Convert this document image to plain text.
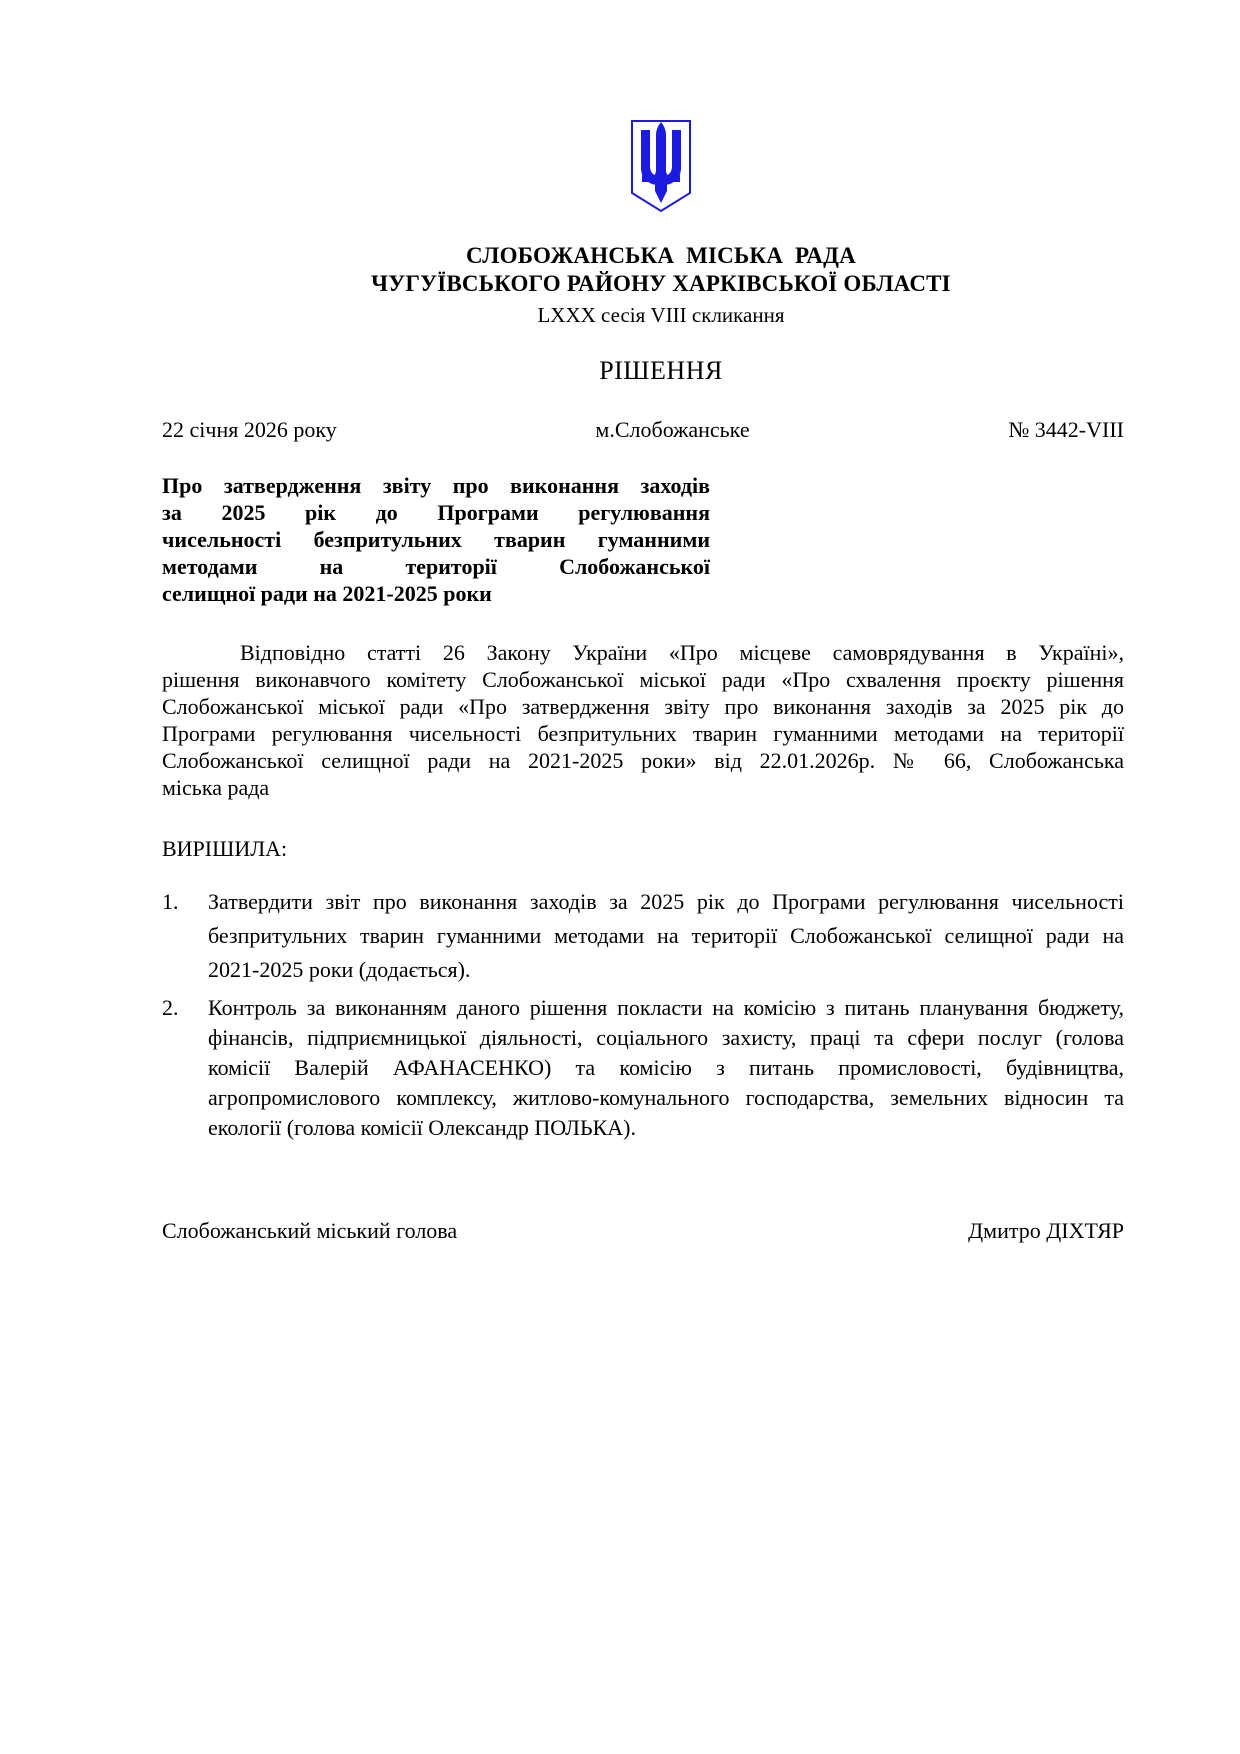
СЛОБОЖАНСЬКА  МІСЬКА  РАДА
ЧУГУЇВСЬКОГО РАЙОНУ ХАРКІВСЬКОЇ ОБЛАСТІ
LXXX сесія VIII скликання
РІШЕННЯ
22 січня 2026 року	м.Слобожанське	№ 3442-VIII
Про затвердження звіту про виконання заходів
за 2025 рік до Програми регулювання
чисельності безпритульних тварин гуманними
методами на території Слобожанської
селищної ради на 2021-2025 роки
Відповідно статті 26 Закону України «Про місцеве самоврядування в Україні»,
рішення виконавчого комітету Слобожанської міської ради «Про схвалення проєкту рішення
Слобожанської міської ради «Про затвердження звіту про виконання заходів за 2025 рік до
Програми регулювання чисельності безпритульних тварин гуманними методами на території
Слобожанської селищної ради на 2021-2025 роки» від 22.01.2026р. № 66, Слобожанська
міська рада
ВИРІШИЛА:
1.	Затвердити звіт про виконання заходів за 2025 рік до Програми регулювання чисельності
безпритульних тварин гуманними методами на території Слобожанської селищної ради на
2021-2025 роки (додається).
2.	Контроль за виконанням даного рішення покласти на комісію з питань планування бюджету,
фінансів, підприємницької діяльності, соціального захисту, праці та сфери послуг (голова
комісії Валерій АФАНАСЕНКО) та комісію з питань промисловості, будівництва,
агропромислового комплексу, житлово-комунального господарства, земельних відносин та
екології (голова комісії Олександр ПОЛЬКА).
Слобожанський міський голова	Дмитро ДІХТЯР
